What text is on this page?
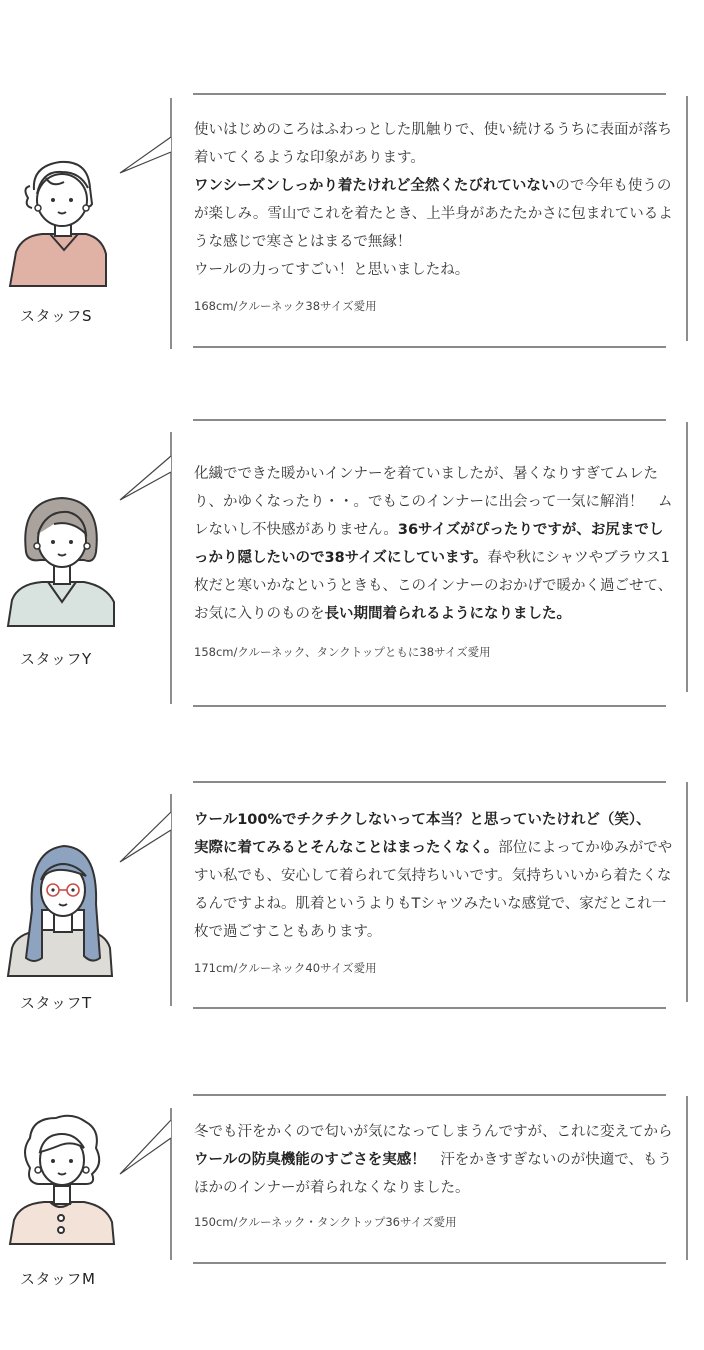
スタッフS

使いはじめのころはふわっとした肌触りで、使い続けるうちに表面が落ち着いてくるような印象があります。
ワンシーズンしっかり着たけれど全然くたびれていないので今年も使うのが楽しみ。雪山でこれを着たとき、上半身があたたかさに包まれているような感じで寒さとはまるで無縁！
ウールの力ってすごい！と思いましたね。

168cm/クルーネック38サイズ愛用
スタッフY

化繊でできた暖かいインナーを着ていましたが、暑くなりすぎてムレたり、かゆくなったり・・。でもこのインナーに出会って一気に解消！　ムレないし不快感がありません。36サイズがぴったりですが、お尻までしっかり隠したいので38サイズにしています。春や秋にシャツやブラウス1枚だと寒いかなというときも、このインナーのおかげで暖かく過ごせて、お気に入りのものを長い期間着られるようになりました。

158cm/クルーネック、タンクトップともに38サイズ愛用
スタッフT

ウール100%でチクチクしないって本当？と思っていたけれど（笑）、
実際に着てみるとそんなことはまったくなく。部位によってかゆみがでやすい私でも、安心して着られて気持ちいいです。気持ちいいから着たくなるんですよね。肌着というよりもTシャツみたいな感覚で、家だとこれ一枚で過ごすこともあります。

171cm/クルーネック40サイズ愛用
スタッフM

冬でも汗をかくので匂いが気になってしまうんですが、これに変えてからウールの防臭機能のすごさを実感！　汗をかきすぎないのが快適で、もうほかのインナーが着られなくなりました。

150cm/クルーネック・タンクトップ36サイズ愛用
